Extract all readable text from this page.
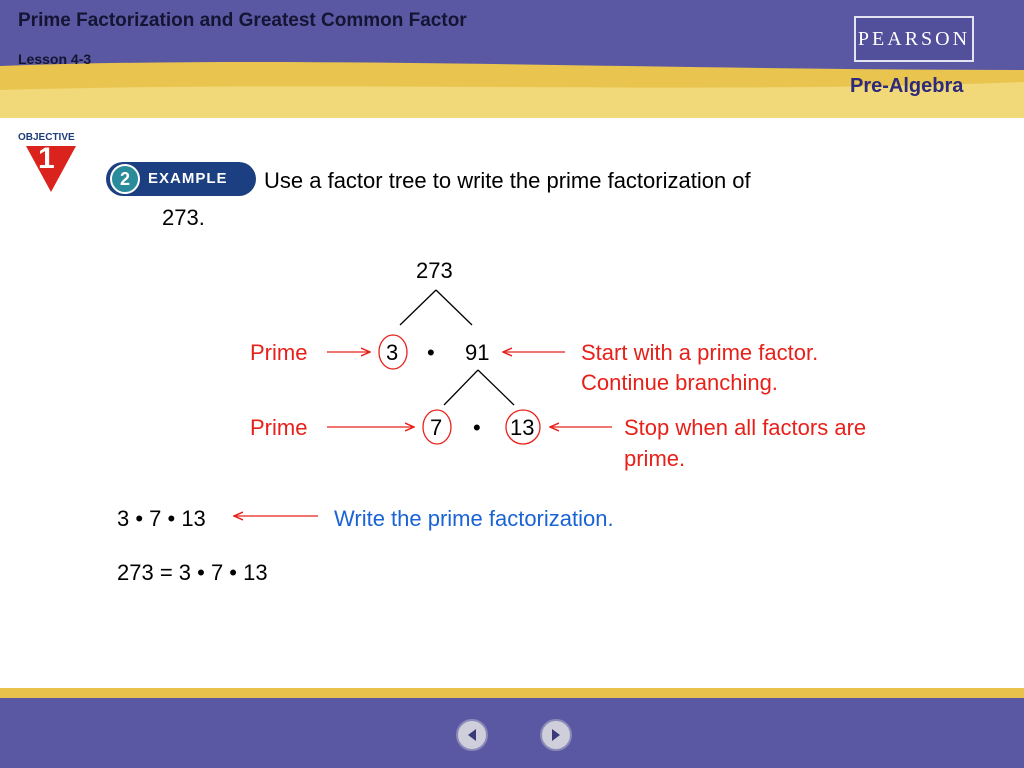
Prime Factorization and Greatest Common Factor
Lesson 4-3
PEARSON
Pre-Algebra
OBJECTIVE
1
2	EXAMPLE Use a factor tree to write the prime factorization of
273.
273
3 • 91
7 • 13
Prime
Prime
Start with a prime factor.
Continue branching.
Stop when all factors are
prime.
3 • 7 • 13	Write the prime factorization.
273 = 3 • 7 • 13
